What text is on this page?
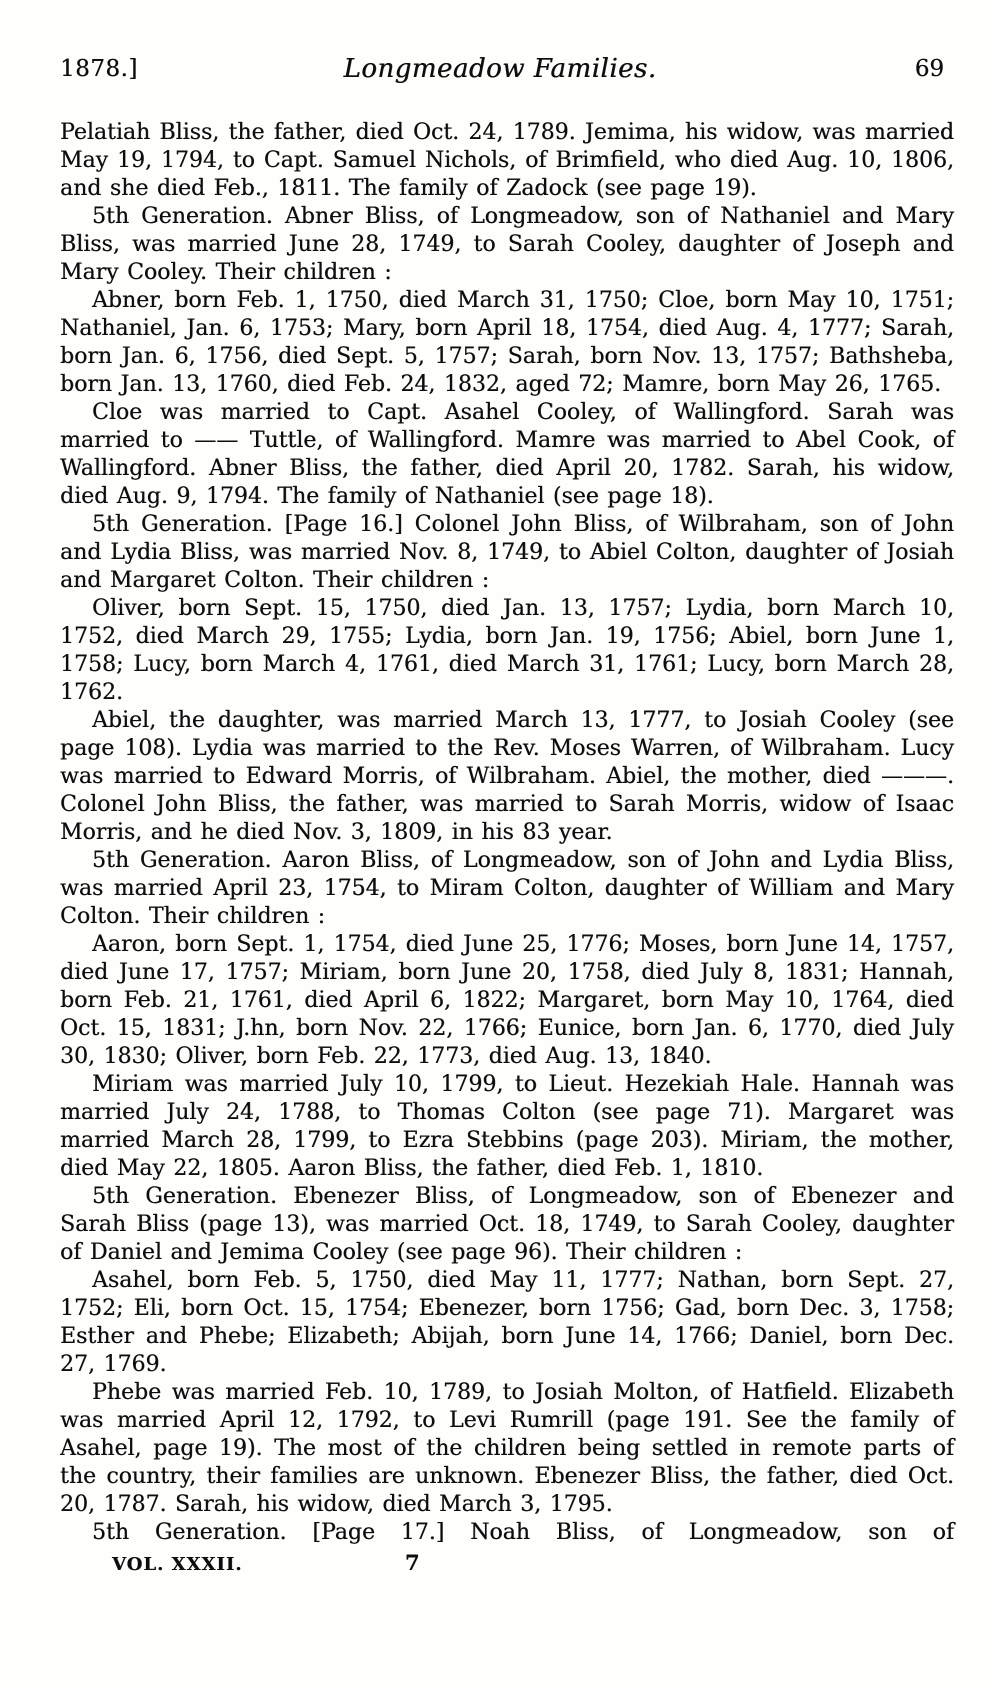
1878.]	Longmeadow Families.	69

Pelatiah Bliss, the father, died Oct. 24, 1789. Jemima, his widow, was married May 19, 1794, to Capt. Samuel Nichols, of Brimfield, who died Aug. 10, 1806, and she died Feb., 1811. The family of Zadock (see page 19).

5th Generation. Abner Bliss, of Longmeadow, son of Nathaniel and Mary Bliss, was married June 28, 1749, to Sarah Cooley, daughter of Joseph and Mary Cooley. Their children :

Abner, born Feb. 1, 1750, died March 31, 1750; Cloe, born May 10, 1751; Nathaniel, Jan. 6, 1753; Mary, born April 18, 1754, died Aug. 4, 1777; Sarah, born Jan. 6, 1756, died Sept. 5, 1757; Sarah, born Nov. 13, 1757; Bathsheba, born Jan. 13, 1760, died Feb. 24, 1832, aged 72; Mamre, born May 26, 1765.

Cloe was married to Capt. Asahel Cooley, of Wallingford. Sarah was married to —— Tuttle, of Wallingford. Mamre was married to Abel Cook, of Wallingford. Abner Bliss, the father, died April 20, 1782. Sarah, his widow, died Aug. 9, 1794. The family of Nathaniel (see page 18).

5th Generation. [Page 16.] Colonel John Bliss, of Wilbraham, son of John and Lydia Bliss, was married Nov. 8, 1749, to Abiel Colton, daughter of Josiah and Margaret Colton. Their children :

Oliver, born Sept. 15, 1750, died Jan. 13, 1757; Lydia, born March 10, 1752, died March 29, 1755; Lydia, born Jan. 19, 1756; Abiel, born June 1, 1758; Lucy, born March 4, 1761, died March 31, 1761; Lucy, born March 28, 1762.

Abiel, the daughter, was married March 13, 1777, to Josiah Cooley (see page 108). Lydia was married to the Rev. Moses Warren, of Wilbraham. Lucy was married to Edward Morris, of Wilbraham. Abiel, the mother, died ———. Colonel John Bliss, the father, was married to Sarah Morris, widow of Isaac Morris, and he died Nov. 3, 1809, in his 83 year.

5th Generation. Aaron Bliss, of Longmeadow, son of John and Lydia Bliss, was married April 23, 1754, to Miram Colton, daughter of William and Mary Colton. Their children :

Aaron, born Sept. 1, 1754, died June 25, 1776; Moses, born June 14, 1757, died June 17, 1757; Miriam, born June 20, 1758, died July 8, 1831; Hannah, born Feb. 21, 1761, died April 6, 1822; Margaret, born May 10, 1764, died Oct. 15, 1831; J.hn, born Nov. 22, 1766; Eunice, born Jan. 6, 1770, died July 30, 1830; Oliver, born Feb. 22, 1773, died Aug. 13, 1840.

Miriam was married July 10, 1799, to Lieut. Hezekiah Hale. Hannah was married July 24, 1788, to Thomas Colton (see page 71). Margaret was married March 28, 1799, to Ezra Stebbins (page 203). Miriam, the mother, died May 22, 1805. Aaron Bliss, the father, died Feb. 1, 1810.

5th Generation. Ebenezer Bliss, of Longmeadow, son of Ebenezer and Sarah Bliss (page 13), was married Oct. 18, 1749, to Sarah Cooley, daughter of Daniel and Jemima Cooley (see page 96). Their children :

Asahel, born Feb. 5, 1750, died May 11, 1777; Nathan, born Sept. 27, 1752; Eli, born Oct. 15, 1754; Ebenezer, born 1756; Gad, born Dec. 3, 1758; Esther and Phebe; Elizabeth; Abijah, born June 14, 1766; Daniel, born Dec. 27, 1769.

Phebe was married Feb. 10, 1789, to Josiah Molton, of Hatfield. Elizabeth was married April 12, 1792, to Levi Rumrill (page 191. See the family of Asahel, page 19). The most of the children being settled in remote parts of the country, their families are unknown. Ebenezer Bliss, the father, died Oct. 20, 1787. Sarah, his widow, died March 3, 1795.

5th Generation. [Page 17.] Noah Bliss, of Longmeadow, son of

VOL. XXXII.	7
